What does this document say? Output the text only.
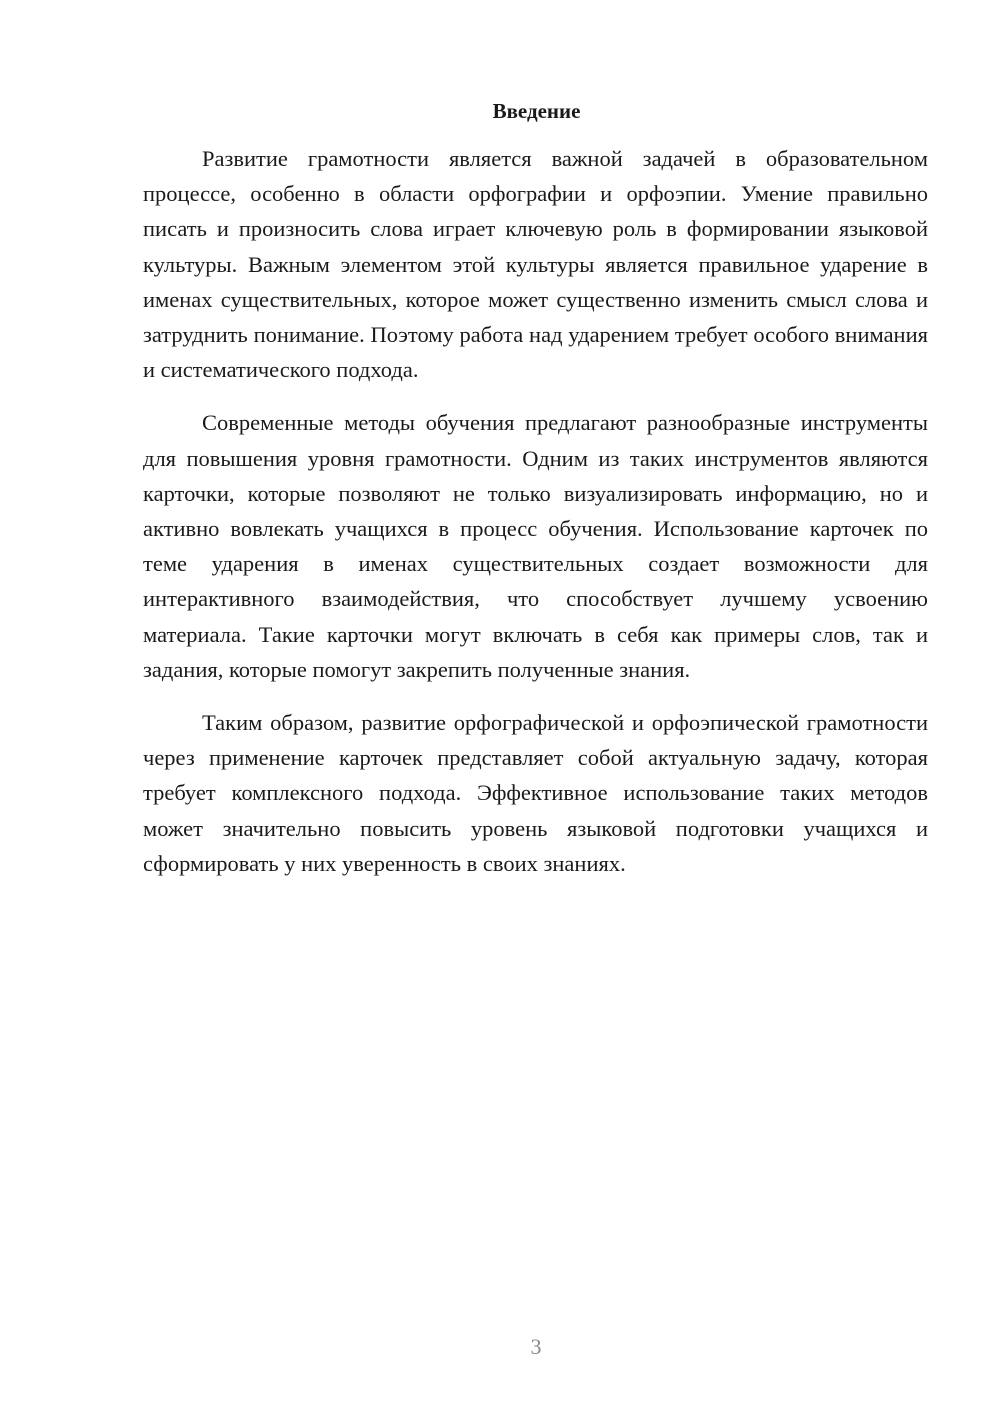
Введение

Развитие грамотности является важной задачей в образовательном процессе, особенно в области орфографии и орфоэпии. Умение правильно писать и произносить слова играет ключевую роль в формировании языковой культуры. Важным элементом этой культуры является правильное ударение в именах существительных, которое может существенно изменить смысл слова и затруднить понимание. Поэтому работа над ударением требует особого внимания и систематического подхода.

Современные методы обучения предлагают разнообразные инструменты для повышения уровня грамотности. Одним из таких инструментов являются карточки, которые позволяют не только визуализировать информацию, но и активно вовлекать учащихся в процесс обучения. Использование карточек по теме ударения в именах существительных создает возможности для интерактивного взаимодействия, что способствует лучшему усвоению материала. Такие карточки могут включать в себя как примеры слов, так и задания, которые помогут закрепить полученные знания.

Таким образом, развитие орфографической и орфоэпической грамотности через применение карточек представляет собой актуальную задачу, которая требует комплексного подхода. Эффективное использование таких методов может значительно повысить уровень языковой подготовки учащихся и сформировать у них уверенность в своих знаниях.

3
